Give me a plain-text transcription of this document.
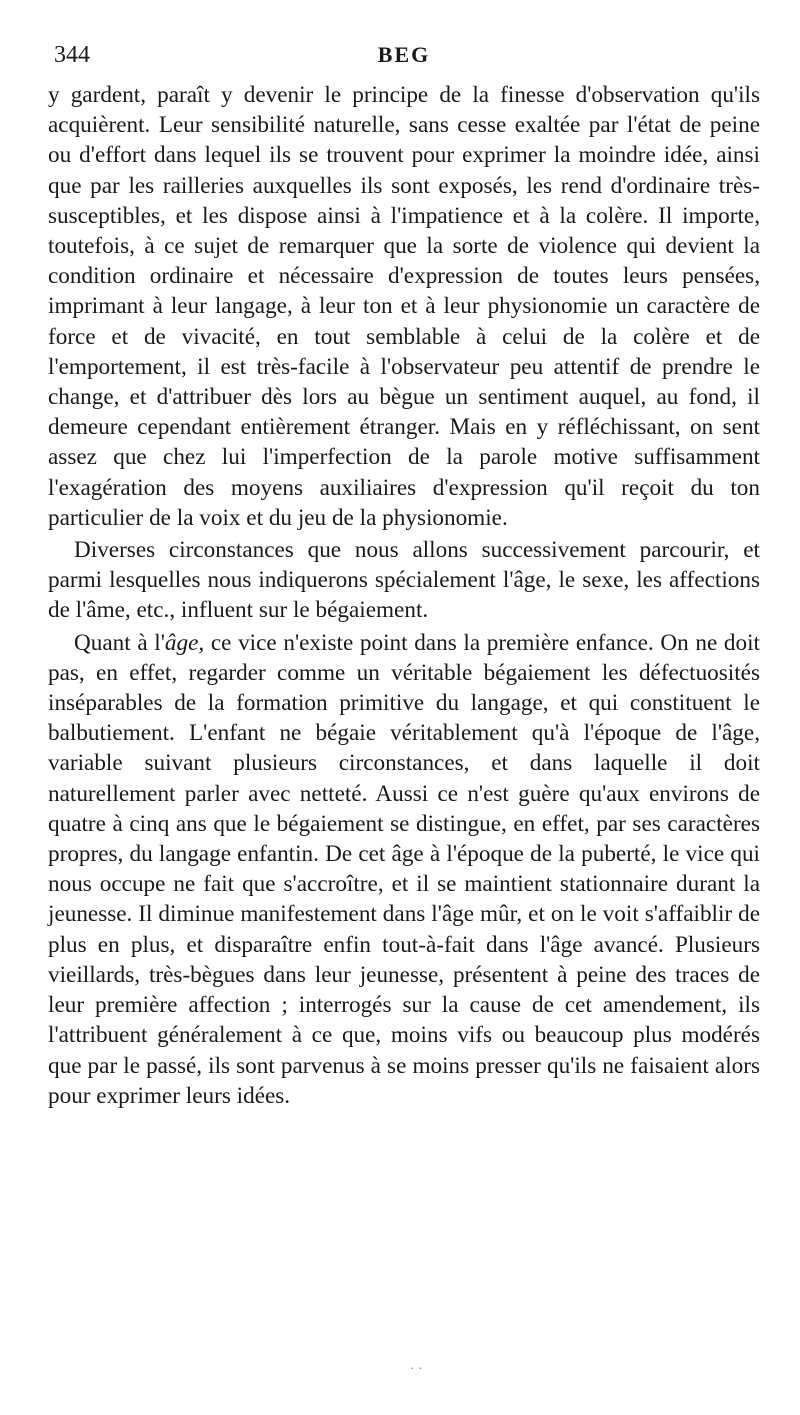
344	BEG

y gardent, paraît y devenir le principe de la finesse d'observation qu'ils acquièrent. Leur sensibilité naturelle, sans cesse exaltée par l'état de peine ou d'effort dans lequel ils se trouvent pour exprimer la moindre idée, ainsi que par les railleries auxquelles ils sont exposés, les rend d'ordinaire très-susceptibles, et les dispose ainsi à l'impatience et à la colère. Il importe, toutefois, à ce sujet de remarquer que la sorte de violence qui devient la condition ordinaire et nécessaire d'expression de toutes leurs pensées, imprimant à leur langage, à leur ton et à leur physionomie un caractère de force et de vivacité, en tout semblable à celui de la colère et de l'emportement, il est très-facile à l'observateur peu attentif de prendre le change, et d'attribuer dès lors au bègue un sentiment auquel, au fond, il demeure cependant entièrement étranger. Mais en y réfléchissant, on sent assez que chez lui l'imperfection de la parole motive suffisamment l'exagération des moyens auxiliaires d'expression qu'il reçoit du ton particulier de la voix et du jeu de la physionomie.

Diverses circonstances que nous allons successivement parcourir, et parmi lesquelles nous indiquerons spécialement l'âge, le sexe, les affections de l'âme, etc., influent sur le bégaiement.

Quant à l'âge, ce vice n'existe point dans la première enfance. On ne doit pas, en effet, regarder comme un véritable bégaiement les défectuosités inséparables de la formation primitive du langage, et qui constituent le balbutiement. L'enfant ne bégaie véritablement qu'à l'époque de l'âge, variable suivant plusieurs circonstances, et dans laquelle il doit naturellement parler avec netteté. Aussi ce n'est guère qu'aux environs de quatre à cinq ans que le bégaiement se distingue, en effet, par ses caractères propres, du langage enfantin. De cet âge à l'époque de la puberté, le vice qui nous occupe ne fait que s'accroître, et il se maintient stationnaire durant la jeunesse. Il diminue manifestement dans l'âge mûr, et on le voit s'affaiblir de plus en plus, et disparaître enfin tout-à-fait dans l'âge avancé. Plusieurs vieillards, très-bègues dans leur jeunesse, présentent à peine des traces de leur première affection ; interrogés sur la cause de cet amendement, ils l'attribuent généralement à ce que, moins vifs ou beaucoup plus modérés que par le passé, ils sont parvenus à se moins presser qu'ils ne faisaient alors pour exprimer leurs idées.

· ·
